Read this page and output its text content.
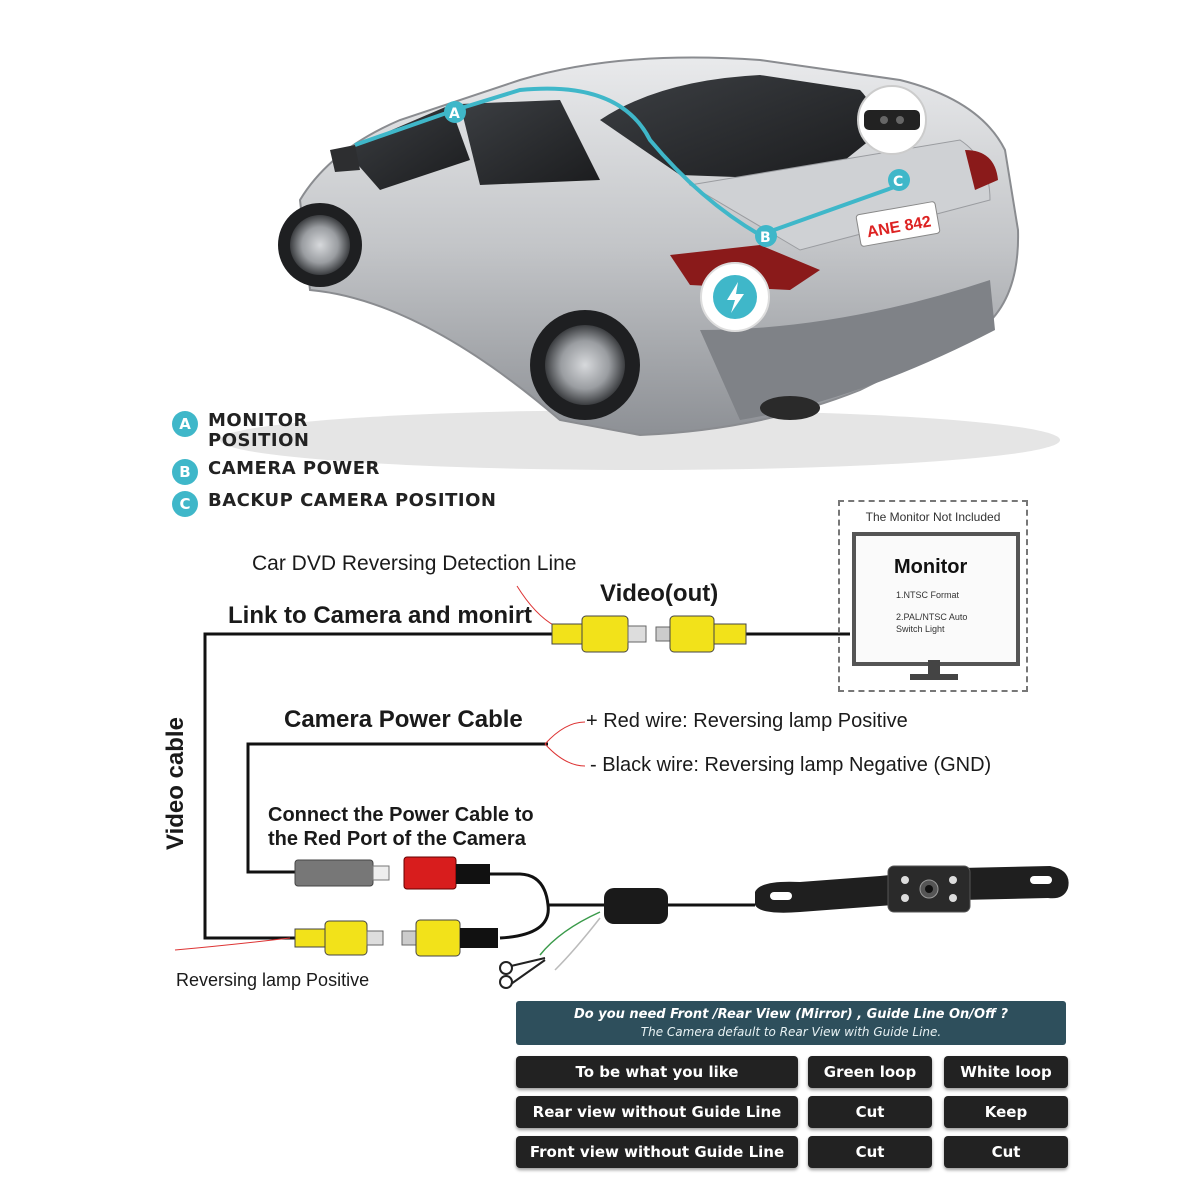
ANE 842
A
B
C
A MONITOR POSITION
B CAMERA POWER
C BACKUP CAMERA POSITION
Car DVD Reversing Detection Line
Video(out)
Link to Camera and monirt
Video cable	Camera Power Cable	+ Red wire: Reversing lamp Positive
- Black wire: Reversing lamp Negative (GND)
Connect the Power Cable to
the Red Port of the Camera
Reversing lamp Positive
The Monitor Not Included
Monitor
1.NTSC Format
2.PAL/NTSC Auto
Switch Light
Do you need Front /Rear View (Mirror) , Guide Line On/Off ?
The Camera default to Rear View with Guide Line.
To be what you like	Green loop	White loop
Rear view without Guide Line	Cut	Keep
Front view without Guide Line	Cut	Cut
